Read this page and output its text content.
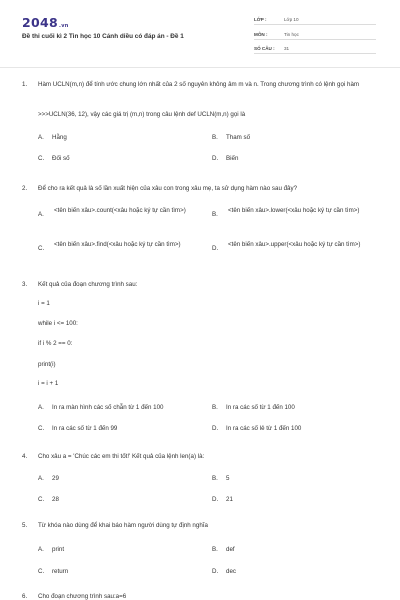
2048.vn
Đề thi cuối kì 2 Tin học 10 Cánh diều có đáp án - Đề 1
LỚP :	Lớp 10
MÔN :	Tin học
SỐ CÂU : 31
1. Hàm UCLN(m,n) để tính ước chung lớn nhất của 2 số nguyên không âm m và n. Trong chương trình có lệnh gọi hàm
>>>UCLN(36, 12), vậy các giá trị (m,n) trong câu lệnh def UCLN(m,n) gọi là
A. Hằng	B. Tham số
C. Đối số	D. Biến
2. Để cho ra kết quả là số lần xuất hiện của xâu con trong xâu mẹ, ta sử dụng hàm nào sau đây?
A.
<tên biến xâu>.count(<xâu hoặc ký tự cần tìm>)
B.
<tên biến xâu>.lower(<xâu hoặc ký tự cần tìm>)
C.
<tên biến xâu>.find(<xâu hoặc ký tự cần tìm>)
D.
<tên biến xâu>.upper(<xâu hoặc ký tự cần tìm>)
3. Kết quả của đoạn chương trình sau:
i = 1
while i <= 100:
if i % 2 == 0:
print(i)
i = i + 1
A. In ra màn hình các số chẵn từ 1 đến 100	B. In ra các số từ 1 đến 100
C. In ra các số từ 1 đến 99	D. In ra các số lẻ từ 1 đến 100
4. Cho xâu a = 'Chúc các em thi tốt!' Kết quả của lệnh len(a) là:
A. 29	B. 5
C. 28	D. 21
5. Từ khóa nào dùng để khai báo hàm người dùng tự định nghĩa
A. print	B. def
C. return	D. dec
6. Cho đoạn chương trình sau:a=6
